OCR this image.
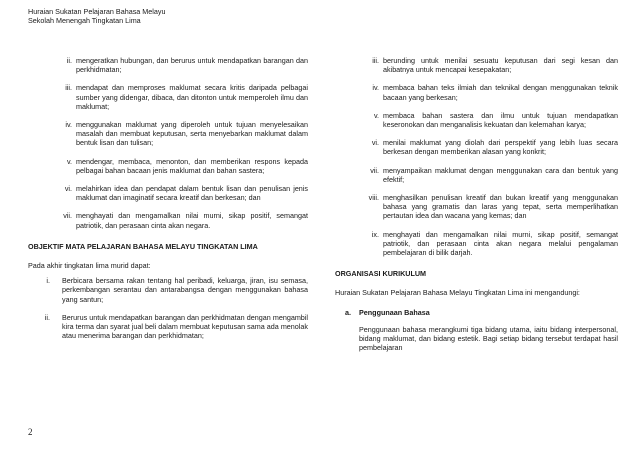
Huraian Sukatan Pelajaran Bahasa Melayu
Sekolah Menengah Tingkatan Lima
ii. mengeratkan hubungan, dan berurus untuk mendapatkan barangan dan perkhidmatan;
iii. mendapat dan memproses maklumat secara kritis daripada pelbagai sumber yang didengar, dibaca, dan ditonton untuk memperoleh ilmu dan maklumat;
iv. menggunakan maklumat yang diperoleh untuk tujuan menyelesaikan masalah dan membuat keputusan, serta menyebarkan maklumat dalam bentuk lisan dan tulisan;
v. mendengar, membaca, menonton, dan memberikan respons kepada pelbagai bahan bacaan jenis maklumat dan bahan sastera;
vi. melahirkan idea dan pendapat dalam bentuk lisan dan penulisan jenis maklumat dan imaginatif secara kreatif dan berkesan; dan
vii. menghayati dan mengamalkan nilai murni, sikap positif, semangat patriotik, dan perasaan cinta akan negara.
OBJEKTIF MATA PELAJARAN BAHASA MELAYU TINGKATAN LIMA
Pada akhir tingkatan lima murid dapat:
i. Berbicara bersama rakan tentang hal peribadi, keluarga, jiran, isu semasa, perkembangan serantau dan antarabangsa dengan menggunakan bahasa yang santun;
ii. Berurus untuk mendapatkan barangan dan perkhidmatan dengan mengambil kira terma dan syarat jual beli dalam membuat keputusan sama ada menolak atau menerima barangan dan perkhidmatan;
iii. berunding untuk menilai sesuatu keputusan dari segi kesan dan akibatnya untuk mencapai kesepakatan;
iv. membaca bahan teks ilmiah dan teknikal dengan menggunakan teknik bacaan yang berkesan;
v. membaca bahan sastera dan ilmu untuk tujuan mendapatkan keseronokan dan menganalisis kekuatan dan kelemahan karya;
vi. menilai maklumat yang diolah dari perspektif yang lebih luas secara berkesan dengan memberikan alasan yang konkrit;
vii. menyampaikan maklumat dengan menggunakan cara dan bentuk yang efektif;
viii. menghasilkan penulisan kreatif dan bukan kreatif yang menggunakan bahasa yang gramatis dan laras yang tepat, serta memperlihatkan pertautan idea dan wacana yang kemas; dan
ix. menghayati dan mengamalkan nilai murni, sikap positif, semangat patriotik, dan perasaan cinta akan negara melalui pengalaman pembelajaran di bilik darjah.
ORGANISASI KURIKULUM
Huraian Sukatan Pelajaran Bahasa Melayu Tingkatan Lima ini mengandungi:
a. Penggunaan Bahasa
Penggunaan bahasa merangkumi tiga bidang utama, iaitu bidang interpersonal, bidang maklumat, dan bidang estetik. Bagi setiap bidang tersebut terdapat hasil pembelajaran
2
